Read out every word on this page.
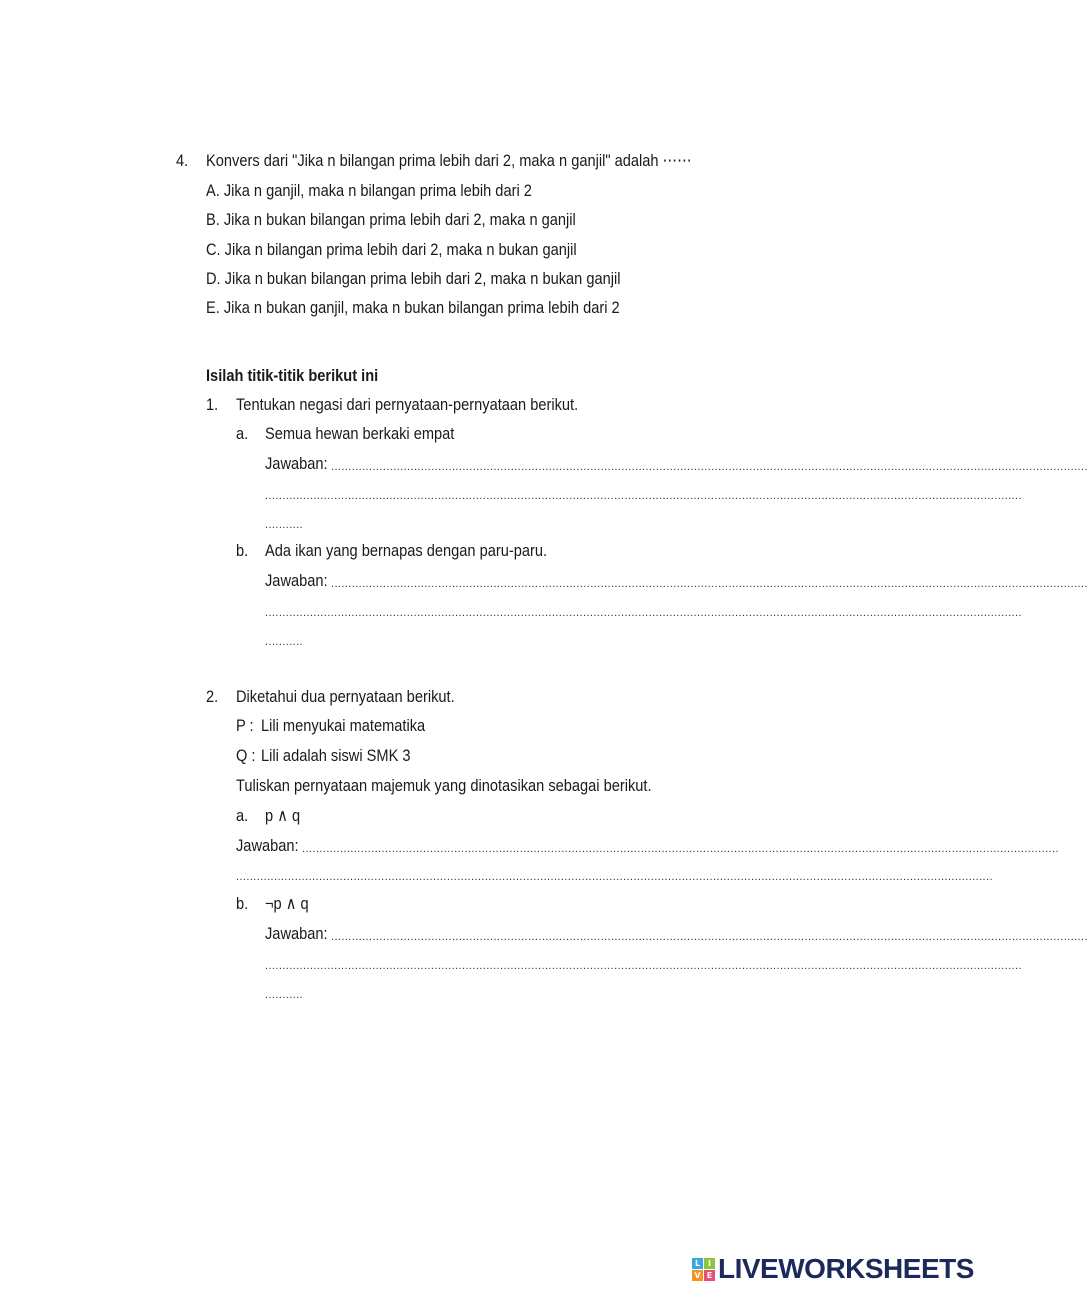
4. Konvers dari "Jika n bilangan prima lebih dari 2, maka n ganjil" adalah ⋯⋯
A. Jika n ganjil, maka n bilangan prima lebih dari 2
B. Jika n bukan bilangan prima lebih dari 2, maka n ganjil
C. Jika n bilangan prima lebih dari 2, maka n bukan ganjil
D. Jika n bukan bilangan prima lebih dari 2, maka n bukan ganjil
E. Jika n bukan ganjil, maka n bukan bilangan prima lebih dari 2
Isilah titik-titik berikut ini
1. Tentukan negasi dari pernyataan-pernyataan berikut.
a. Semua hewan berkaki empat
Jawaban: ...........................................................................................................................................................................................................................
...........................................................................................................................................................................................................................
...........
b. Ada ikan yang bernapas dengan paru-paru.
Jawaban: ...........................................................................................................................................................................................................................
...........................................................................................................................................................................................................................
...........
2. Diketahui dua pernyataan berikut.
P : Lili menyukai matematika
Q : Lili adalah siswi SMK 3
Tuliskan pernyataan majemuk yang dinotasikan sebagai berikut.
a. p ∧ q
Jawaban: ...........................................................................................................................................................................................................................
...........................................................................................................................................................................................................................
b. ¬p ∧ q
Jawaban: ...........................................................................................................................................................................................................................
...........................................................................................................................................................................................................................
...........
L I
V E LIVEWORKSHEETS
